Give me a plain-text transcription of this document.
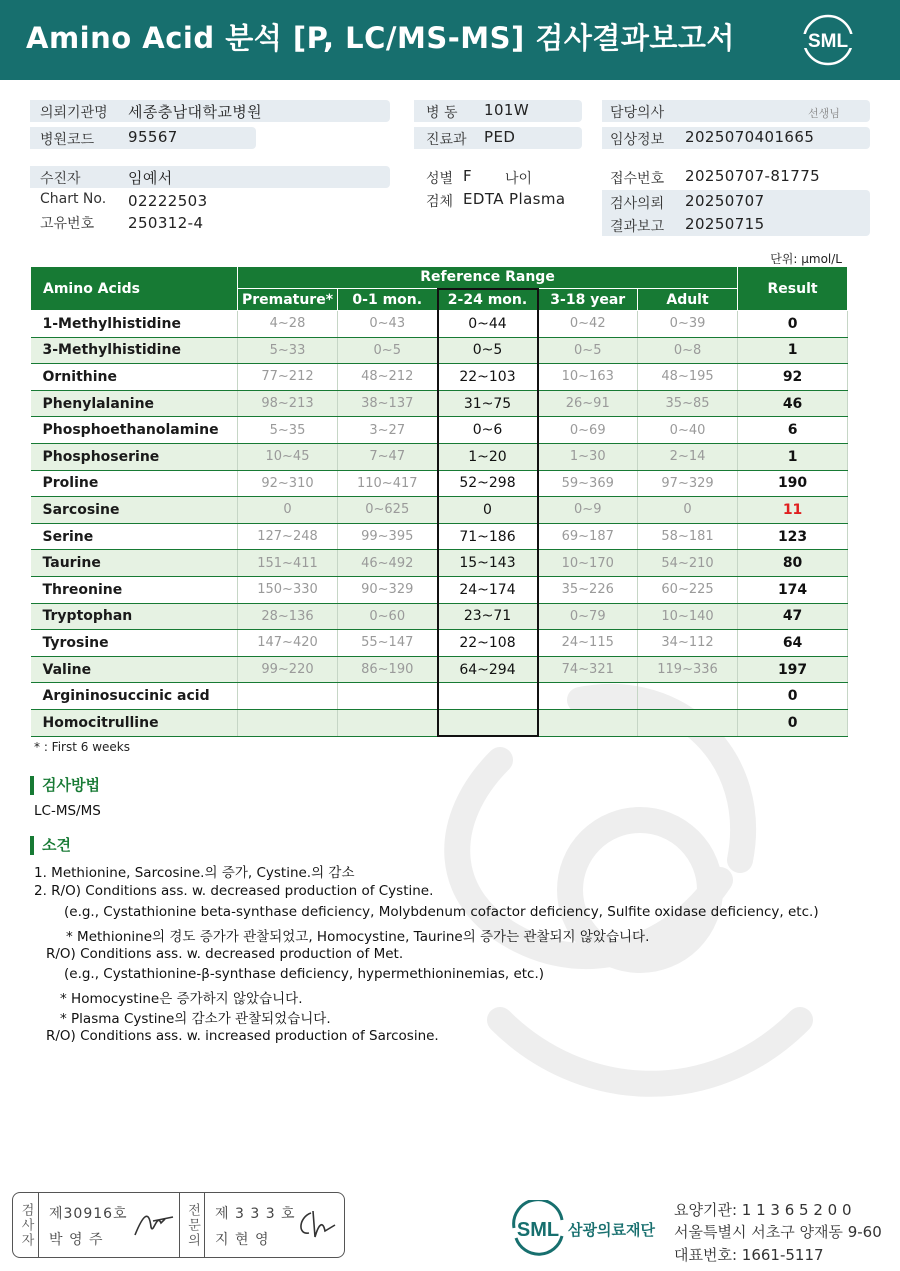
Amino Acid 분석 [P, LC/MS-MS] 검사결과보고서	SML
의뢰기관명 세종충남대학교병원
병원코드 95567
수진자	임예서
Chart No. 02222503
고유번호 250312-4
병 동 101W
진료과 PED
성별 F 나이
검체 EDTA Plasma
담당의사	선생님
임상정보 2025070401665
접수번호 20250707-81775
검사의뢰 20250707
결과보고 20250715
단위: μmol/L
Amino Acids	Reference Range					Result
	Premature*	0-1 mon.	2-24 mon.	3-18 year	Adult	
1-Methylhistidine	4~28	0~43	0~44	0~42	0~39	0
3-Methylhistidine	5~33	0~5	0~5	0~5	0~8	1
Ornithine	77~212	48~212	22~103	10~163	48~195	92
Phenylalanine	98~213	38~137	31~75	26~91	35~85	46
Phosphoethanolamine	5~35	3~27	0~6	0~69	0~40	6
Phosphoserine	10~45	7~47	1~20	1~30	2~14	1
Proline	92~310	110~417	52~298	59~369	97~329	190
Sarcosine	0	0~625	0	0~9	0	11
Serine	127~248	99~395	71~186	69~187	58~181	123
Taurine	151~411	46~492	15~143	10~170	54~210	80
Threonine	150~330	90~329	24~174	35~226	60~225	174
Tryptophan	28~136	0~60	23~71	0~79	10~140	47
Tyrosine	147~420	55~147	22~108	24~115	34~112	64
Valine	99~220	86~190	64~294	74~321	119~336	197
Argininosuccinic acid						0
Homocitrulline						0
* : First 6 weeks
검사방법
LC-MS/MS
소견
1. Methionine, Sarcosine.의 증가, Cystine.의 감소
2. R/O) Conditions ass. w. decreased production of Cystine.
(e.g., Cystathionine beta-synthase deficiency, Molybdenum cofactor deficiency, Sulfite oxidase deficiency, etc.)
* Methionine의 경도 증가가 관찰되었고, Homocystine, Taurine의 증가는 관찰되지 않았습니다.
R/O) Conditions ass. w. decreased production of Met.
(e.g., Cystathionine-β-synthase deficiency, hypermethioninemias, etc.)
* Homocystine은 증가하지 않았습니다.
* Plasma Cystine의 감소가 관찰되었습니다.
R/O) Conditions ass. w. increased production of Sarcosine.
검사자 제30916호
박 영 주	전문의 제 3 3 3 호
지 현 영	SML 삼광의료재단
요양기관: 1 1 3 6 5 2 0 0
서울특별시 서초구 양재동 9-60
대표번호: 1661-5117
